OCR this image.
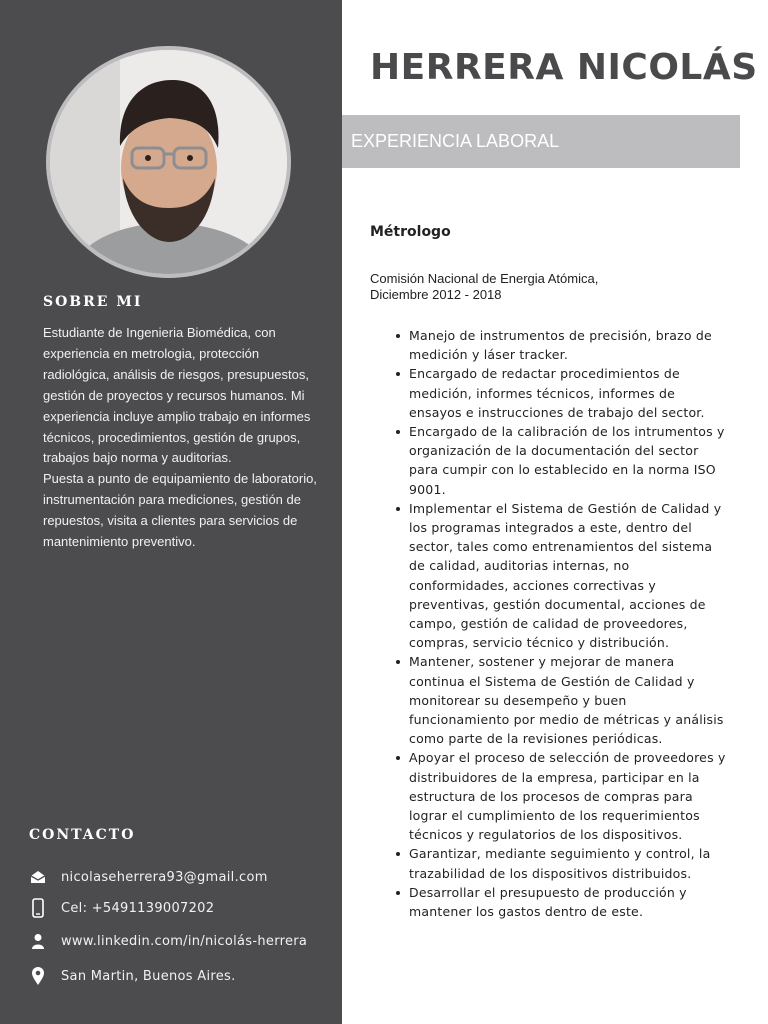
SOBRE MI

Estudiante de Ingenieria Biomédica, con experiencia en metrologia, protección radiológica, análisis de riesgos, presupuestos, gestión de proyectos y recursos humanos. Mi experiencia incluye amplio trabajo en informes técnicos, procedimientos, gestión de grupos, trabajos bajo norma y auditorias.

Puesta a punto de equipamiento de laboratorio, instrumentación para mediciones, gestión de repuestos, visita a clientes para servicios de mantenimiento preventivo.

CONTACTO
nicolaseherrera93@gmail.com
Cel: +5491139007202
www.linkedin.com/in/nicolás-herrera
San Martin, Buenos Aires.
HERRERA NICOLÁS
EXPERIENCIA LABORAL
Métrologo
Comisión Nacional de Energia Atómica,
Diciembre 2012 - 2018
Manejo de instrumentos de precisión, brazo de medición y láser tracker.
Encargado de redactar procedimientos de medición, informes técnicos, informes de ensayos e instrucciones de trabajo del sector.
Encargado de la calibración de los intrumentos y organización de la documentación del sector para cumpir con lo establecido en la norma ISO 9001.
Implementar el Sistema de Gestión de Calidad y los programas integrados a este, dentro del sector, tales como entrenamientos del sistema de calidad, auditorias internas, no conformidades, acciones correctivas y preventivas, gestión documental, acciones de campo, gestión de calidad de proveedores, compras, servicio técnico y distribución.
Mantener, sostener y mejorar de manera continua el Sistema de Gestión de Calidad y monitorear su desempeño y buen funcionamiento por medio de métricas y análisis como parte de la revisiones periódicas.
Apoyar el proceso de selección de proveedores y distribuidores de la empresa, participar en la estructura de los procesos de compras para lograr el cumplimiento de los requerimientos técnicos y regulatorios de los dispositivos.
Garantizar, mediante seguimiento y control, la trazabilidad de los dispositivos distribuidos.
Desarrollar el presupuesto de producción y mantener los gastos dentro de este.
